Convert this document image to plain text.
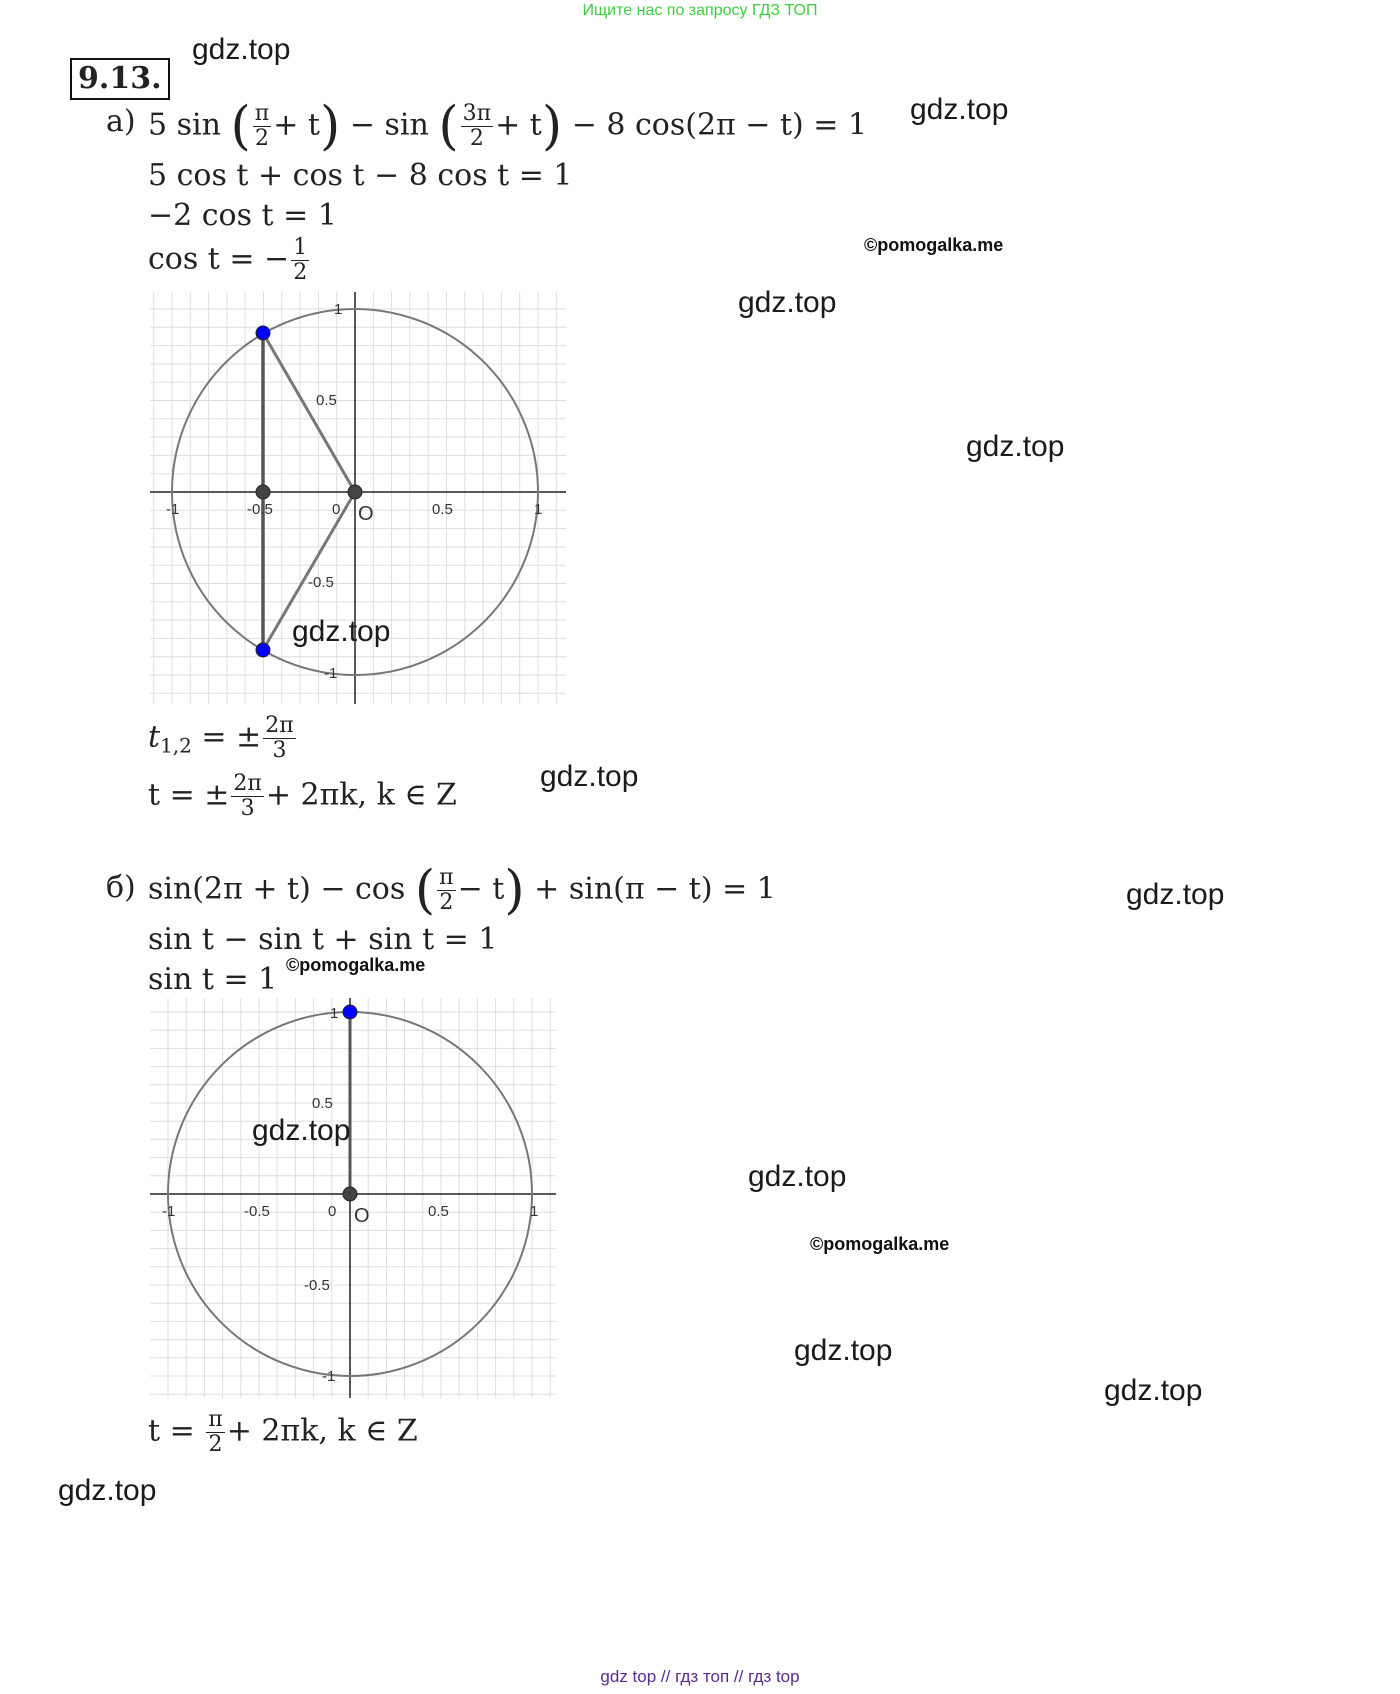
Ищите нас по запросу ГДЗ ТОП
9.13.
gdz.top
gdz.top
gdz.top
gdz.top
gdz.top
gdz.top
gdz.top
gdz.top
gdz.top
gdz.top
©pomogalka.me
©pomogalka.me
©pomogalka.me
а) 5 sin ( $\frac{\pi}{2} + t) - \sin$ ( $\frac{3\pi}{2} + t) - 8$ cos(2π − t) = 1
5 cos t + cos t − 8 cos t = 1
−2 cos t = 1
cos t = − $\frac{1}{2}$
-1	-0.5	0	0.5	1
1
0.5
-0.5
-1
O
gdz.top
$t_{1,2}$ = ± $\frac{2\pi}{3}$
t = ± $\frac{2\pi}{3} + 2\pi k$, k ∈ Z
б) sin(2π + t) − cos ( $\frac{\pi}{2} - t) + \sin(\pi - t) = 1$
sin t − sin t + sin t = 1
sin t = 1
-1	-0.5	0	0.5	1
1
0.5
-0.5
-1
O
gdz.top
$t = \frac{\pi}{2} + 2\pi k$, k ∈ Z
gdz top // гдз топ // гдз top
